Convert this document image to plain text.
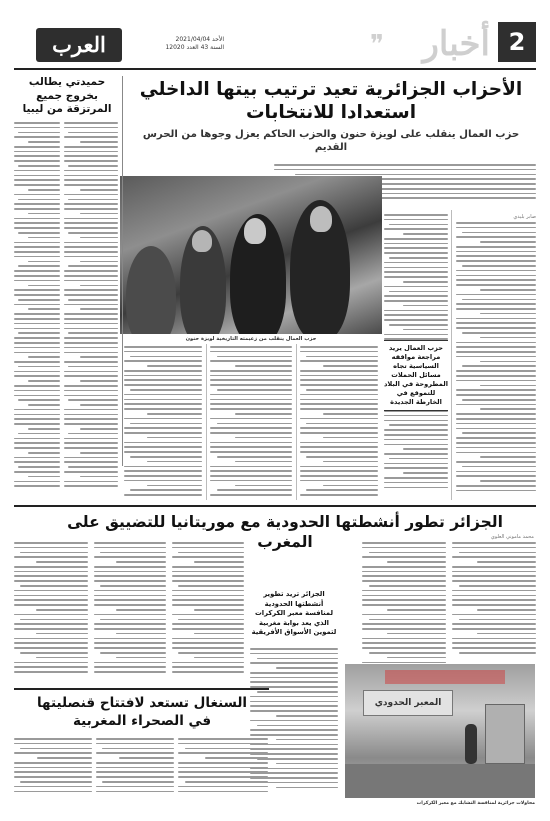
العرب	الأحد 2021/04/04
السنة 43 العدد 12020	❞ أخبار 2
الأحزاب الجزائرية تعيد ترتيب بيتها الداخلي استعدادا للانتخابات
حزب العمال ينقلب على لويزة حنون والحزب الحاكم يعزل وجوها من الحرس القديم
صابر بليدي
حزب العمال ينقلب من زعيمته التاريخية لويزة حنون
حزب العمال يريد مراجعة مواقفه السياسية تجاه مسائل الحملات المطروحة في البلاد للتموقع في الخارطة الجديدة
حميدتي يطالب بخروج جميع المرتزقة من ليبيا
الجزائر تطور أنشطتها الحدودية مع موريتانيا للتضييق على المغرب	محمد ماموني العلوي
الجزائر تريد تطوير أنشطتها الحدودية لمنافسة معبر الكركرات الذي يعد بوابة مغربية لتموين الأسواق الأفريقية
السنغال تستعد لافتتاح قنصليتها في الصحراء المغربية
المعبر الحدودي
محاولات جزائرية لمنافسة التشابك مع معبر الكركرات
